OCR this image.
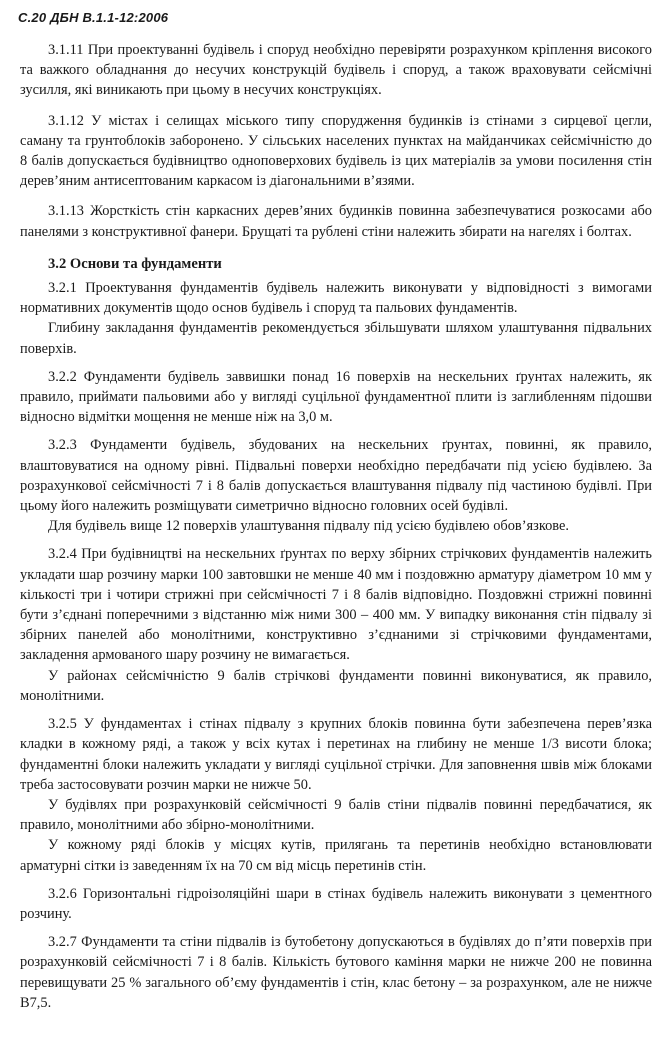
С.20 ДБН В.1.1-12:2006

3.1.11 При проектуванні будівель і споруд необхідно перевіряти розрахунком кріплення високого та важкого обладнання до несучих конструкцій будівель і споруд, а також враховувати сейсмічні зусилля, які виникають при цьому в несучих конструкціях.

3.1.12 У містах і селищах міського типу спорудження будинків із стінами з сирцевої цегли, саману та грунтоблоків заборонено. У сільських населених пунктах на майданчиках сейсмічністю до 8 балів допускається будівництво одноповерхових будівель із цих матеріалів за умови посилення стін дерев’яним антисептованим каркасом із діагональними в’язями.

3.1.13 Жорсткість стін каркасних дерев’яних будинків повинна забезпечуватися розкосами або панелями з конструктивної фанери. Брущаті та рублені стіни належить збирати на нагелях і болтах.

3.2 Основи та фундаменти

3.2.1 Проектування фундаментів будівель належить виконувати у відповідності з вимогами нормативних документів щодо основ будівель і споруд та пальових фундаментів.

Глибину закладання фундаментів рекомендується збільшувати шляхом улаштування підвальних поверхів.

3.2.2 Фундаменти будівель заввишки понад 16 поверхів на нескельних ґрунтах належить, як правило, приймати пальовими або у вигляді суцільної фундаментної плити із заглибленням підошви відносно відмітки мощення не менше ніж на 3,0 м.

3.2.3 Фундаменти будівель, збудованих на нескельних ґрунтах, повинні, як правило, влаштовуватися на одному рівні. Підвальні поверхи необхідно передбачати під усією будівлею. За розрахункової сейсмічності 7 і 8 балів допускається влаштування підвалу під частиною будівлі. При цьому його належить розміщувати симетрично відносно головних осей будівлі.

Для будівель вище 12 поверхів улаштування підвалу під усією будівлею обов’язкове.

3.2.4 При будівництві на нескельних ґрунтах по верху збірних стрічкових фундаментів належить укладати шар розчину марки 100 завтовшки не менше 40 мм і поздовжню арматуру діаметром 10 мм у кількості три і чотири стрижні при сейсмічності 7 і 8 балів відповідно. Поздовжні стрижні повинні бути з’єднані поперечними з відстанню між ними 300 – 400 мм. У випадку виконання стін підвалу зі збірних панелей або монолітними, конструктивно з’єднаними зі стрічковими фундаментами, закладення армованого шару розчину не вимагається.

У районах сейсмічністю 9 балів стрічкові фундаменти повинні виконуватися, як правило, монолітними.

3.2.5 У фундаментах і стінах підвалу з крупних блоків повинна бути забезпечена перев’язка кладки в кожному ряді, а також у всіх кутах і перетинах на глибину не менше 1/3 висоти блока; фундаментні блоки належить укладати у вигляді суцільної стрічки. Для заповнення швів між блоками треба застосовувати розчин марки не нижче 50.

У будівлях при розрахунковій сейсмічності 9 балів стіни підвалів повинні передбачатися, як правило, монолітними або збірно-монолітними.

У кожному ряді блоків у місцях кутів, прилягань та перетинів необхідно встановлювати арматурні сітки із заведенням їх на 70 см від місць перетинів стін.

3.2.6 Горизонтальні гідроізоляційні шари в стінах будівель належить виконувати з цементного розчину.

3.2.7 Фундаменти та стіни підвалів із бутобетону допускаються в будівлях до п’яти поверхів при розрахунковій сейсмічності 7 і 8 балів. Кількість бутового каміння марки не нижче 200 не повинна перевищувати 25 % загального об’єму фундаментів і стін, клас бетону – за розрахунком, але не нижче В7,5.
